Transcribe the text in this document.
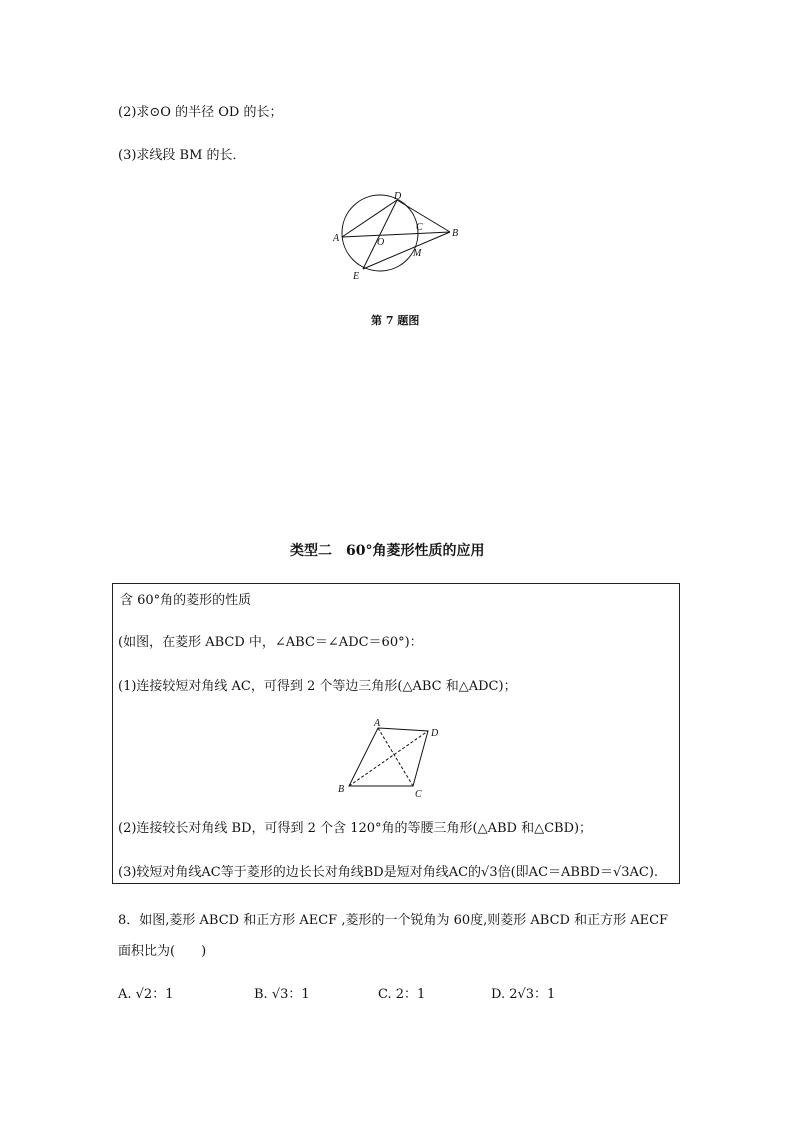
(2)求⊙O 的半径 OD 的长；
(3)求线段 BM 的长．
D
C
B
A	O
M
E
第 7 题图
类型二　60°角菱形性质的应用
含 60°角的菱形的性质
(如图，在菱形 ABCD 中，∠ABC＝∠ADC＝60°)：
(1)连接较短对角线 AC，可得到 2 个等边三角形(△ABC 和△ADC)；
A
D
B	C
(2)连接较长对角线 BD，可得到 2 个含 120°角的等腰三角形(△ABD 和△CBD)；
(3)较短对角线AC等于菱形的边长长对角线BD是短对角线AC的√3倍(即AC＝ABBD＝√3AC).
8．如图,菱形 ABCD 和正方形 AECF ,菱形的一个锐角为 60度,则菱形 ABCD 和正方形 AECF
面积比为(　　)
A. √2：1	B. √3：1	C. 2：1	D. 2√3：1
